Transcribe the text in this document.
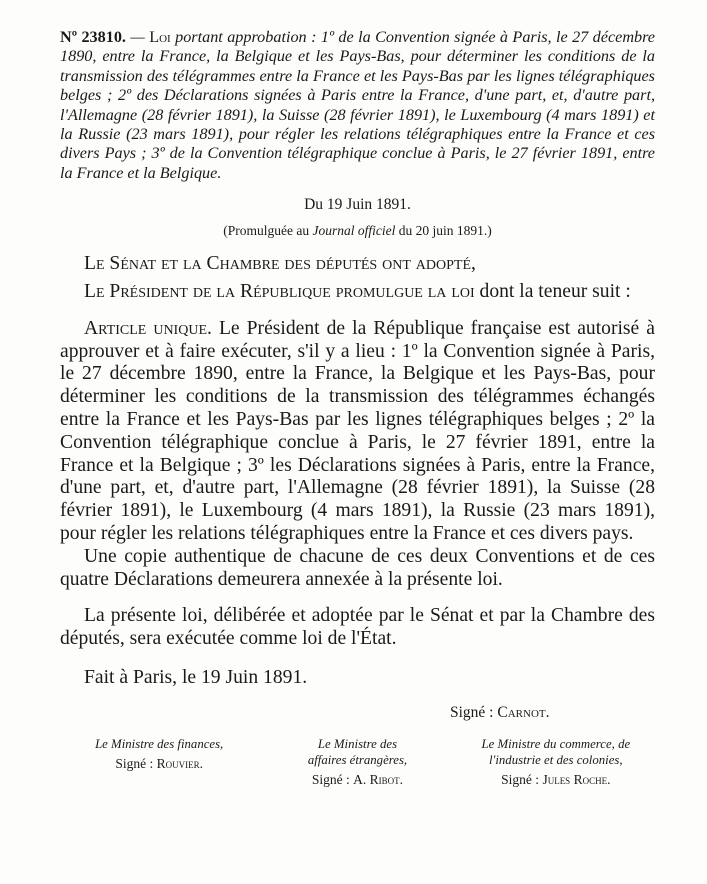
Nº 23810. — Loi portant approbation : 1º de la Convention signée à Paris, le 27 décembre 1890, entre la France, la Belgique et les Pays-Bas, pour déterminer les conditions de la transmission des télégrammes entre la France et les Pays-Bas par les lignes télégraphiques belges ; 2º des Déclarations signées à Paris entre la France, d'une part, et, d'autre part, l'Allemagne (28 février 1891), la Suisse (28 février 1891), le Luxembourg (4 mars 1891) et la Russie (23 mars 1891), pour régler les relations télégraphiques entre la France et ces divers Pays ; 3º de la Convention télégraphique conclue à Paris, le 27 février 1891, entre la France et la Belgique.

Du 19 Juin 1891.

(Promulguée au Journal officiel du 20 juin 1891.)

Le Sénat et la Chambre des députés ont adopté,

Le Président de la République promulgue la loi dont la teneur suit :

Article unique. Le Président de la République française est autorisé à approuver et à faire exécuter, s'il y a lieu : 1º la Convention signée à Paris, le 27 décembre 1890, entre la France, la Belgique et les Pays-Bas, pour déterminer les conditions de la transmission des télégrammes échangés entre la France et les Pays-Bas par les lignes télégraphiques belges ; 2º la Convention télégraphique conclue à Paris, le 27 février 1891, entre la France et la Belgique ; 3º les Déclarations signées à Paris, entre la France, d'une part, et, d'autre part, l'Allemagne (28 février 1891), la Suisse (28 février 1891), le Luxembourg (4 mars 1891), la Russie (23 mars 1891), pour régler les relations télégraphiques entre la France et ces divers pays.

Une copie authentique de chacune de ces deux Conventions et de ces quatre Déclarations demeurera annexée à la présente loi.

La présente loi, délibérée et adoptée par le Sénat et par la Chambre des députés, sera exécutée comme loi de l'État.

Fait à Paris, le 19 Juin 1891.

Signé : Carnot.

Le Ministre des finances,
Signé : Rouvier.
Le Ministre des affaires étrangères,
Signé : A. Ribot.
Le Ministre du commerce, de l'industrie et des colonies,
Signé : Jules Roche.
